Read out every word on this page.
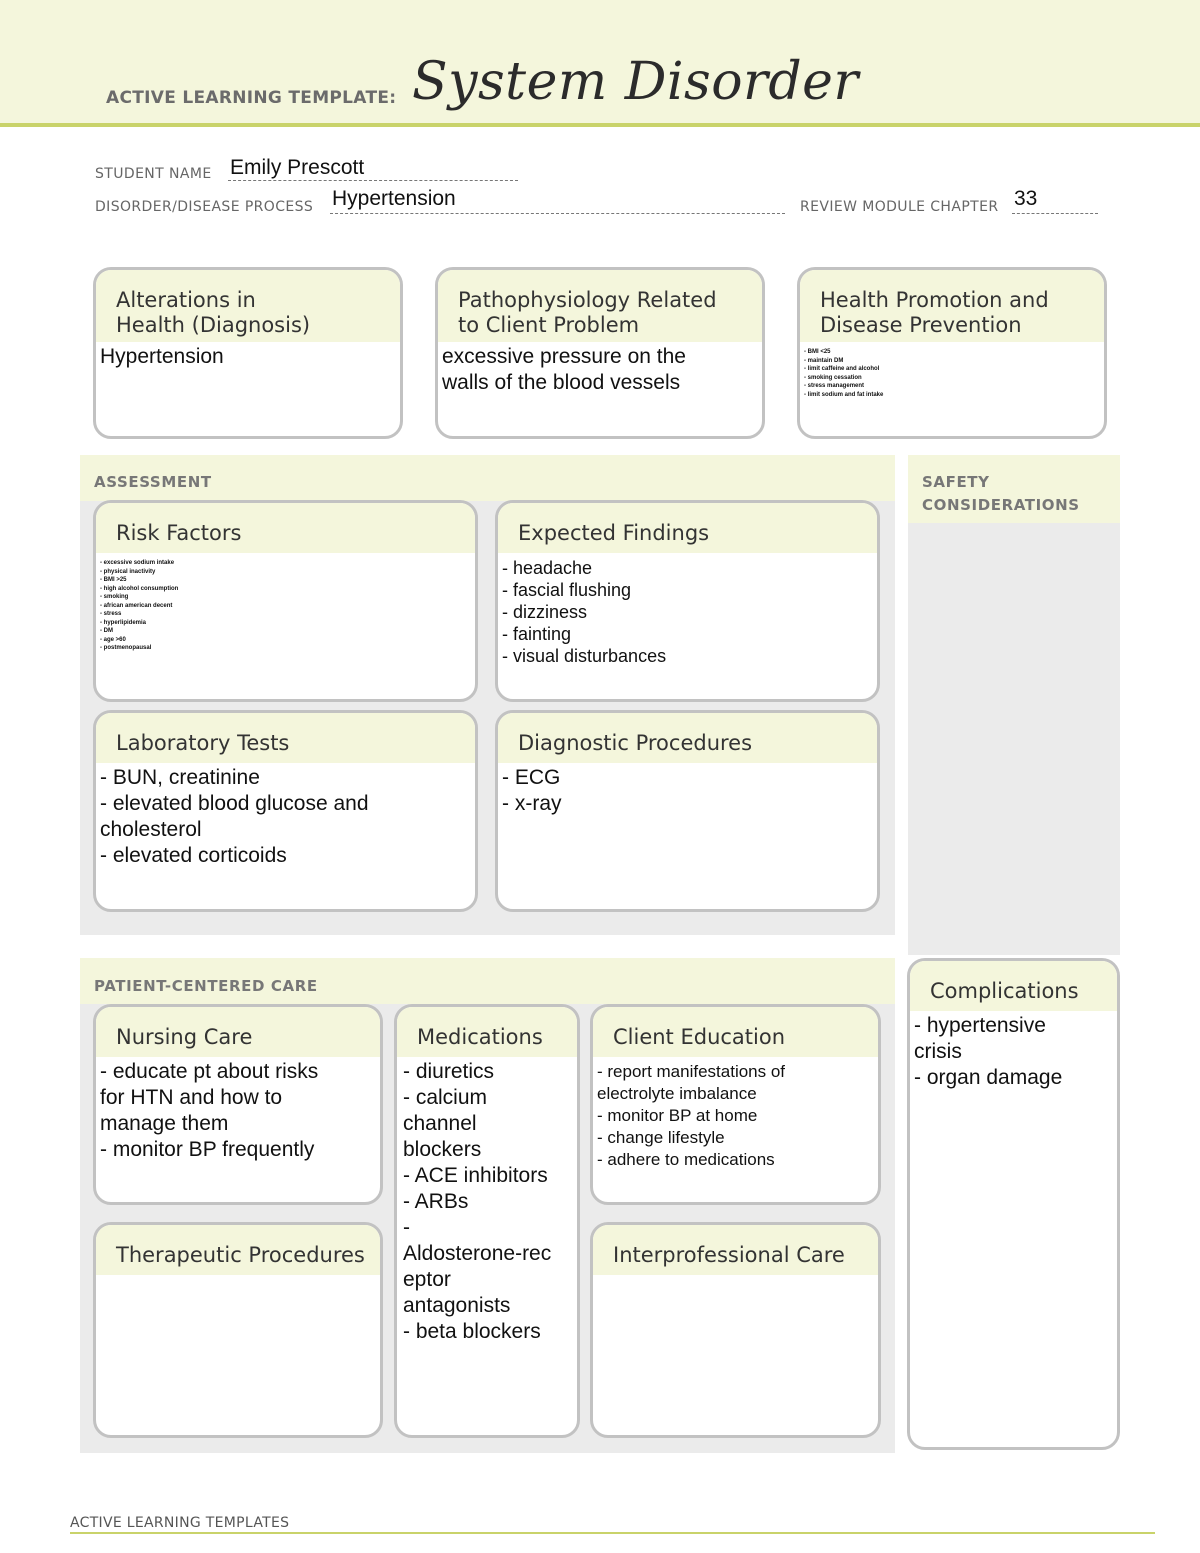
ACTIVE LEARNING TEMPLATE: System Disorder
STUDENT NAME Emily Prescott
DISORDER/DISEASE PROCESS Hypertension	REVIEW MODULE CHAPTER 33
Alterations in
Health (Diagnosis)
Hypertension
Pathophysiology Related
to Client Problem
excessive pressure on the
walls of the blood vessels
Health Promotion and
Disease Prevention
- BMI <25
- maintain DM
- limit caffeine and alcohol
- smoking cessation
- stress management
- limit sodium and fat intake
ASSESSMENT
Risk Factors
- excessive sodium intake
- physical inactivity
- BMI >25
- high alcohol consumption
- smoking
- african american decent
- stress
- hyperlipidemia
- DM
- age >60
- postmenopausal
Expected Findings
- headache
- fascial flushing
- dizziness
- fainting
- visual disturbances
Laboratory Tests
- BUN, creatinine
- elevated blood glucose and
cholesterol
- elevated corticoids
Diagnostic Procedures
- ECG
- x-ray
SAFETY
CONSIDERATIONS
PATIENT-CENTERED CARE
Nursing Care
- educate pt about risks
for HTN and how to
manage them
- monitor BP frequently
Medications
- diuretics
- calcium
channel
blockers
- ACE inhibitors
- ARBs
-
Aldosterone-rec
eptor
antagonists
- beta blockers
Client Education
- report manifestations of
electrolyte imbalance
- monitor BP at home
- change lifestyle
- adhere to medications
Therapeutic Procedures	Interprofessional Care
Complications
- hypertensive
crisis
- organ damage
ACTIVE LEARNING TEMPLATES
